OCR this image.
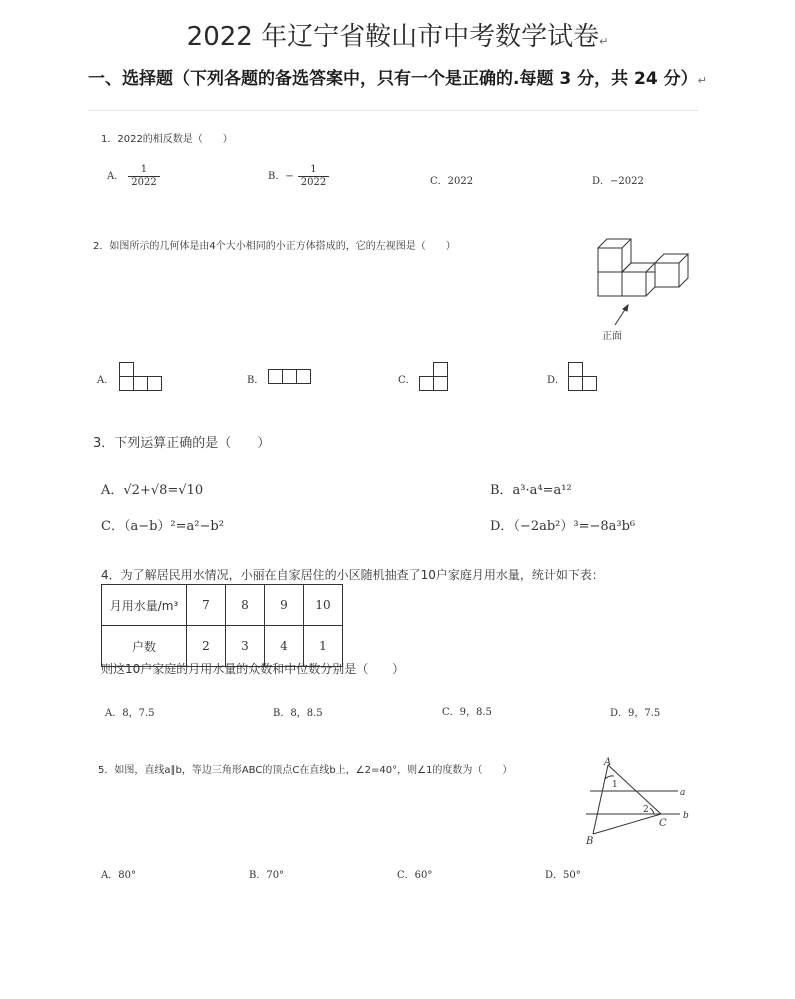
2022 年辽宁省鞍山市中考数学试卷↵
一、选择题（下列各题的备选答案中，只有一个是正确的.每题 3 分，共 24 分）↵
1．2022的相反数是（　　）
A． $\frac{1}{2022}$	B．− $\frac{1}{2022}$	C．2022	D．−2022
2．如图所示的几何体是由4个大小相同的小正方体搭成的，它的左视图是（　　）
正面
A．	B．	C．	D．
3．下列运算正确的是（　　）
A．√2+√8=√10	B．a³·a⁴=a¹²
C．（a−b）²=a²−b²	D．（−2ab²）³=−8a³b⁶
4．为了解居民用水情况，小丽在自家居住的小区随机抽查了10户家庭月用水量，统计如下表：
月用水量/m³	7	8	9	10
户数	2	3	4	1
则这10户家庭的月用水量的众数和中位数分别是（　　）
A．8，7.5	B．8，8.5	C．9，8.5	D．9，7.5
5．如图，直线a∥b，等边三角形ABC的顶点C在直线b上，∠2=40°，则∠1的度数为（　　）
A
B
C
a
b
1
2
A．80°	B．70°	C．60°	D．50°
